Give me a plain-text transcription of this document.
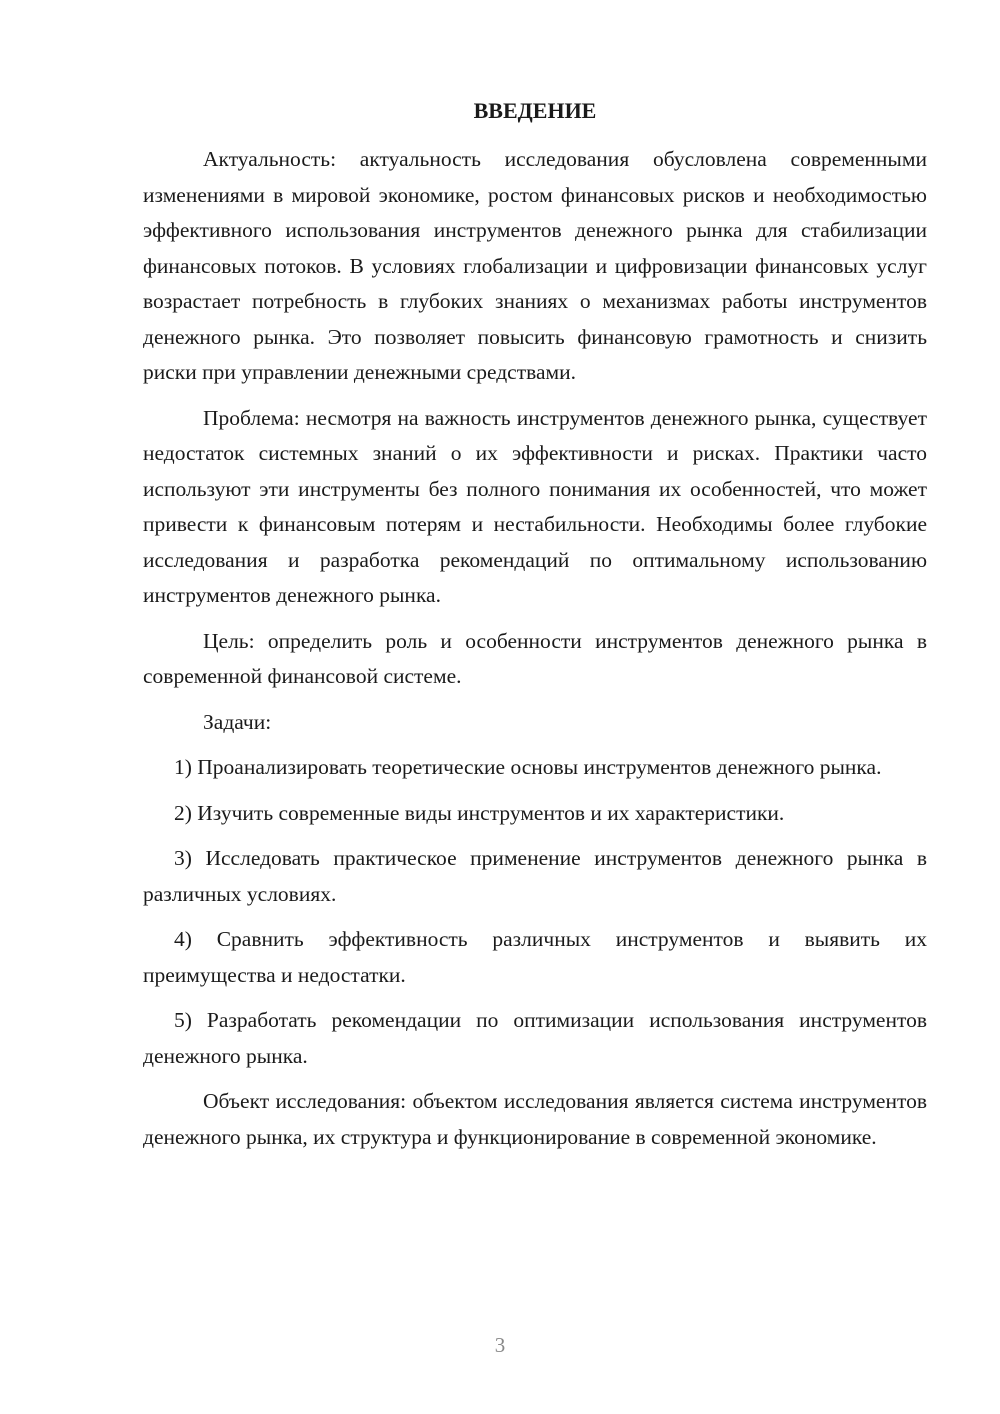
ВВЕДЕНИЕ

Актуальность: актуальность исследования обусловлена современными изменениями в мировой экономике, ростом финансовых рисков и необходимостью эффективного использования инструментов денежного рынка для стабилизации финансовых потоков. В условиях глобализации и цифровизации финансовых услуг возрастает потребность в глубоких знаниях о механизмах работы инструментов денежного рынка. Это позволяет повысить финансовую грамотность и снизить риски при управлении денежными средствами.

Проблема: несмотря на важность инструментов денежного рынка, существует недостаток системных знаний о их эффективности и рисках. Практики часто используют эти инструменты без полного понимания их особенностей, что может привести к финансовым потерям и нестабильности. Необходимы более глубокие исследования и разработка рекомендаций по оптимальному использованию инструментов денежного рынка.

Цель: определить роль и особенности инструментов денежного рынка в современной финансовой системе.

Задачи:

1) Проанализировать теоретические основы инструментов денежного рынка.

2) Изучить современные виды инструментов и их характеристики.

3) Исследовать практическое применение инструментов денежного рынка в различных условиях.

4) Сравнить эффективность различных инструментов и выявить их преимущества и недостатки.

5) Разработать рекомендации по оптимизации использования инструментов денежного рынка.

Объект исследования: объектом исследования является система инструментов денежного рынка, их структура и функционирование в современной экономике.

3
